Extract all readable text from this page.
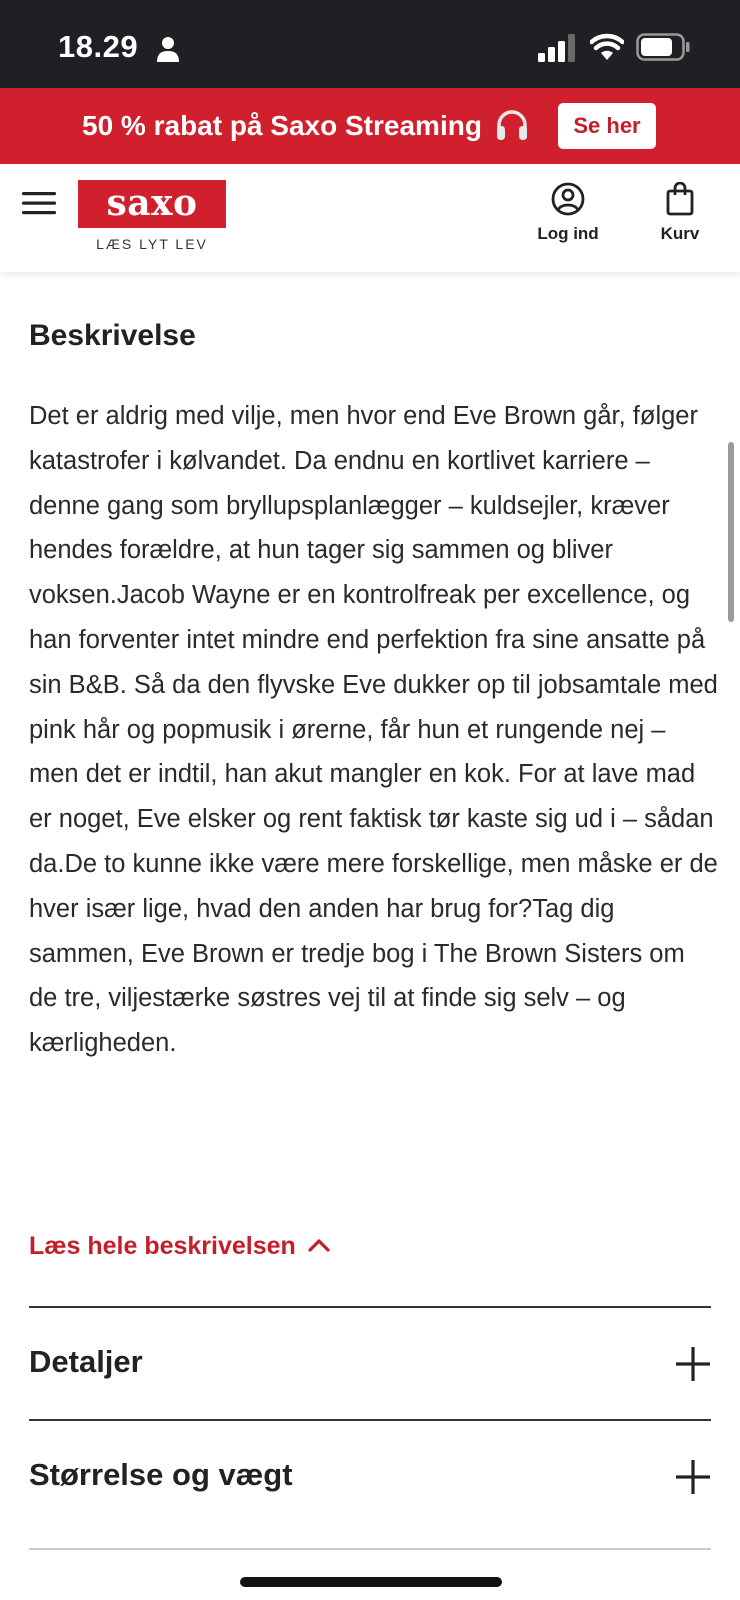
18.29
50 % rabat på Saxo Streaming	Se her
saxo
LÆS LYT LEV
Log ind	Kurv
Beskrivelse

Det er aldrig med vilje, men hvor end Eve Brown går, følger katastrofer i kølvandet. Da endnu en kortlivet karriere – denne gang som bryllupsplanlægger – kuldsejler, kræver hendes forældre, at hun tager sig sammen og bliver voksen.Jacob Wayne er en kontrolfreak per excellence, og han forventer intet mindre end perfektion fra sine ansatte på sin B&B. Så da den flyvske Eve dukker op til jobsamtale med pink hår og popmusik i ørerne, får hun et rungende nej – men det er indtil, han akut mangler en kok. For at lave mad er noget, Eve elsker og rent faktisk tør kaste sig ud i – sådan da.De to kunne ikke være mere forskellige, men måske er de hver især lige, hvad den anden har brug for?Tag dig sammen, Eve Brown er tredje bog i The Brown Sisters om de tre, viljestærke søstres vej til at finde sig selv – og kærligheden.

Læs hele beskrivelsen
Detaljer
Størrelse og vægt
